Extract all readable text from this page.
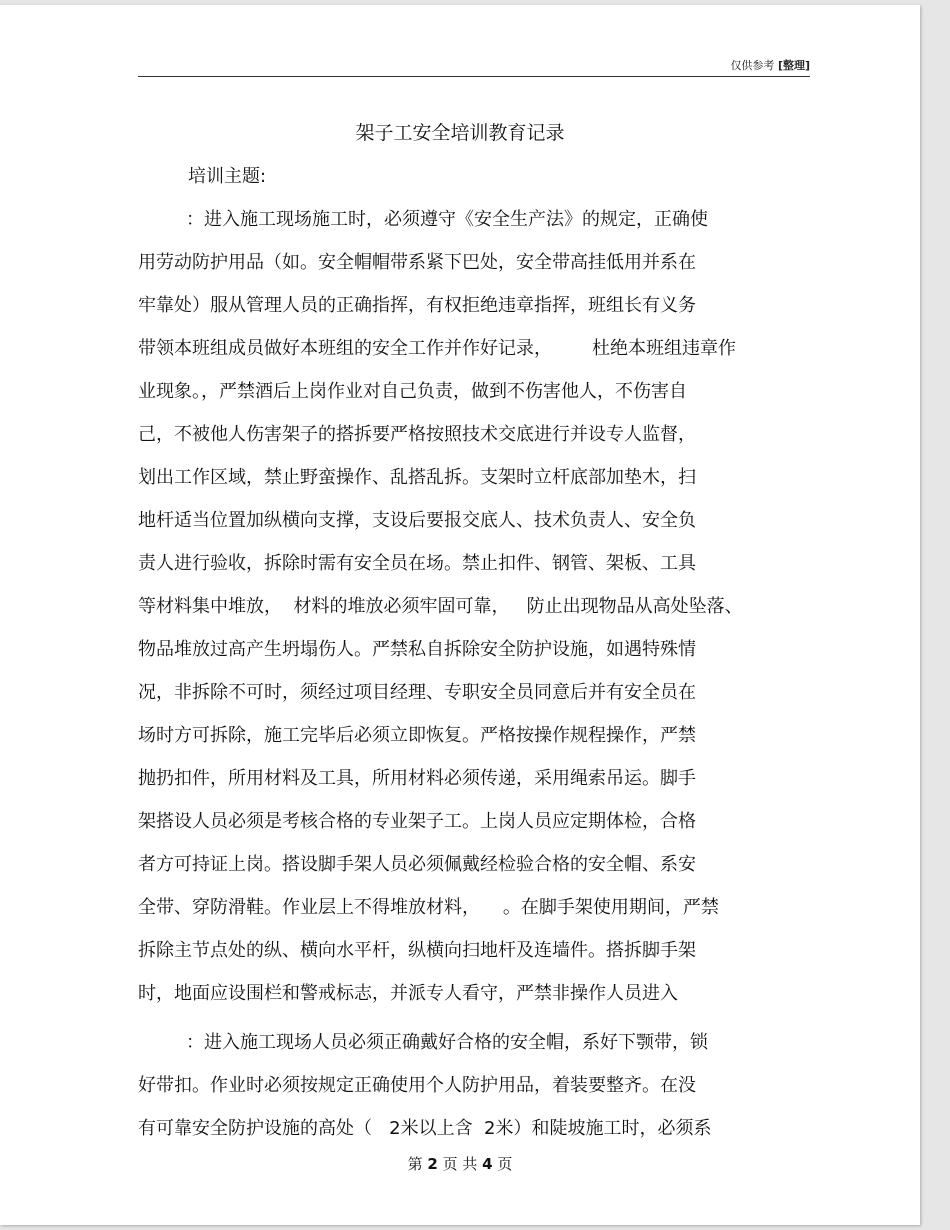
仅供参考 [整理]
架子工安全培训教育记录
培训主题:
：进入施工现场施工时，必须遵守《安全生产法》的规定，正确使
用劳动防护用品（如。安全帽帽带系紧下巴处，安全带高挂低用并系在
牢靠处）服从管理人员的正确指挥，有权拒绝违章指挥，班组长有义务
带领本班组成员做好本班组的安全工作并作好记录，       杜绝本班组违章作
业现象。，严禁酒后上岗作业对自己负责，做到不伤害他人，不伤害自
己，不被他人伤害架子的搭拆要严格按照技术交底进行并设专人监督，
划出工作区域，禁止野蛮操作、乱搭乱拆。支架时立杆底部加垫木，扫
地杆适当位置加纵横向支撑，支设后要报交底人、技术负责人、安全负
责人进行验收，拆除时需有安全员在场。禁止扣件、钢管、架板、工具
等材料集中堆放，  材料的堆放必须牢固可靠，   防止出现物品从高处坠落、
物品堆放过高产生坍塌伤人。严禁私自拆除安全防护设施，如遇特殊情
况，非拆除不可时，须经过项目经理、专职安全员同意后并有安全员在
场时方可拆除，施工完毕后必须立即恢复。严格按操作规程操作，严禁
抛扔扣件，所用材料及工具，所用材料必须传递，采用绳索吊运。脚手
架搭设人员必须是考核合格的专业架子工。上岗人员应定期体检，合格
者方可持证上岗。搭设脚手架人员必须佩戴经检验合格的安全帽、系安
全带、穿防滑鞋。作业层上不得堆放材料，    。在脚手架使用期间，严禁
拆除主节点处的纵、横向水平杆，纵横向扫地杆及连墙件。搭拆脚手架
时，地面应设围栏和警戒标志，并派专人看守，严禁非操作人员进入
：进入施工现场人员必须正确戴好合格的安全帽，系好下颚带，锁
好带扣。作业时必须按规定正确使用个人防护用品，着装要整齐。在没
有可靠安全防护设施的高处（   2米以上含  2米）和陡坡施工时，必须系
第 2 页 共 4 页
